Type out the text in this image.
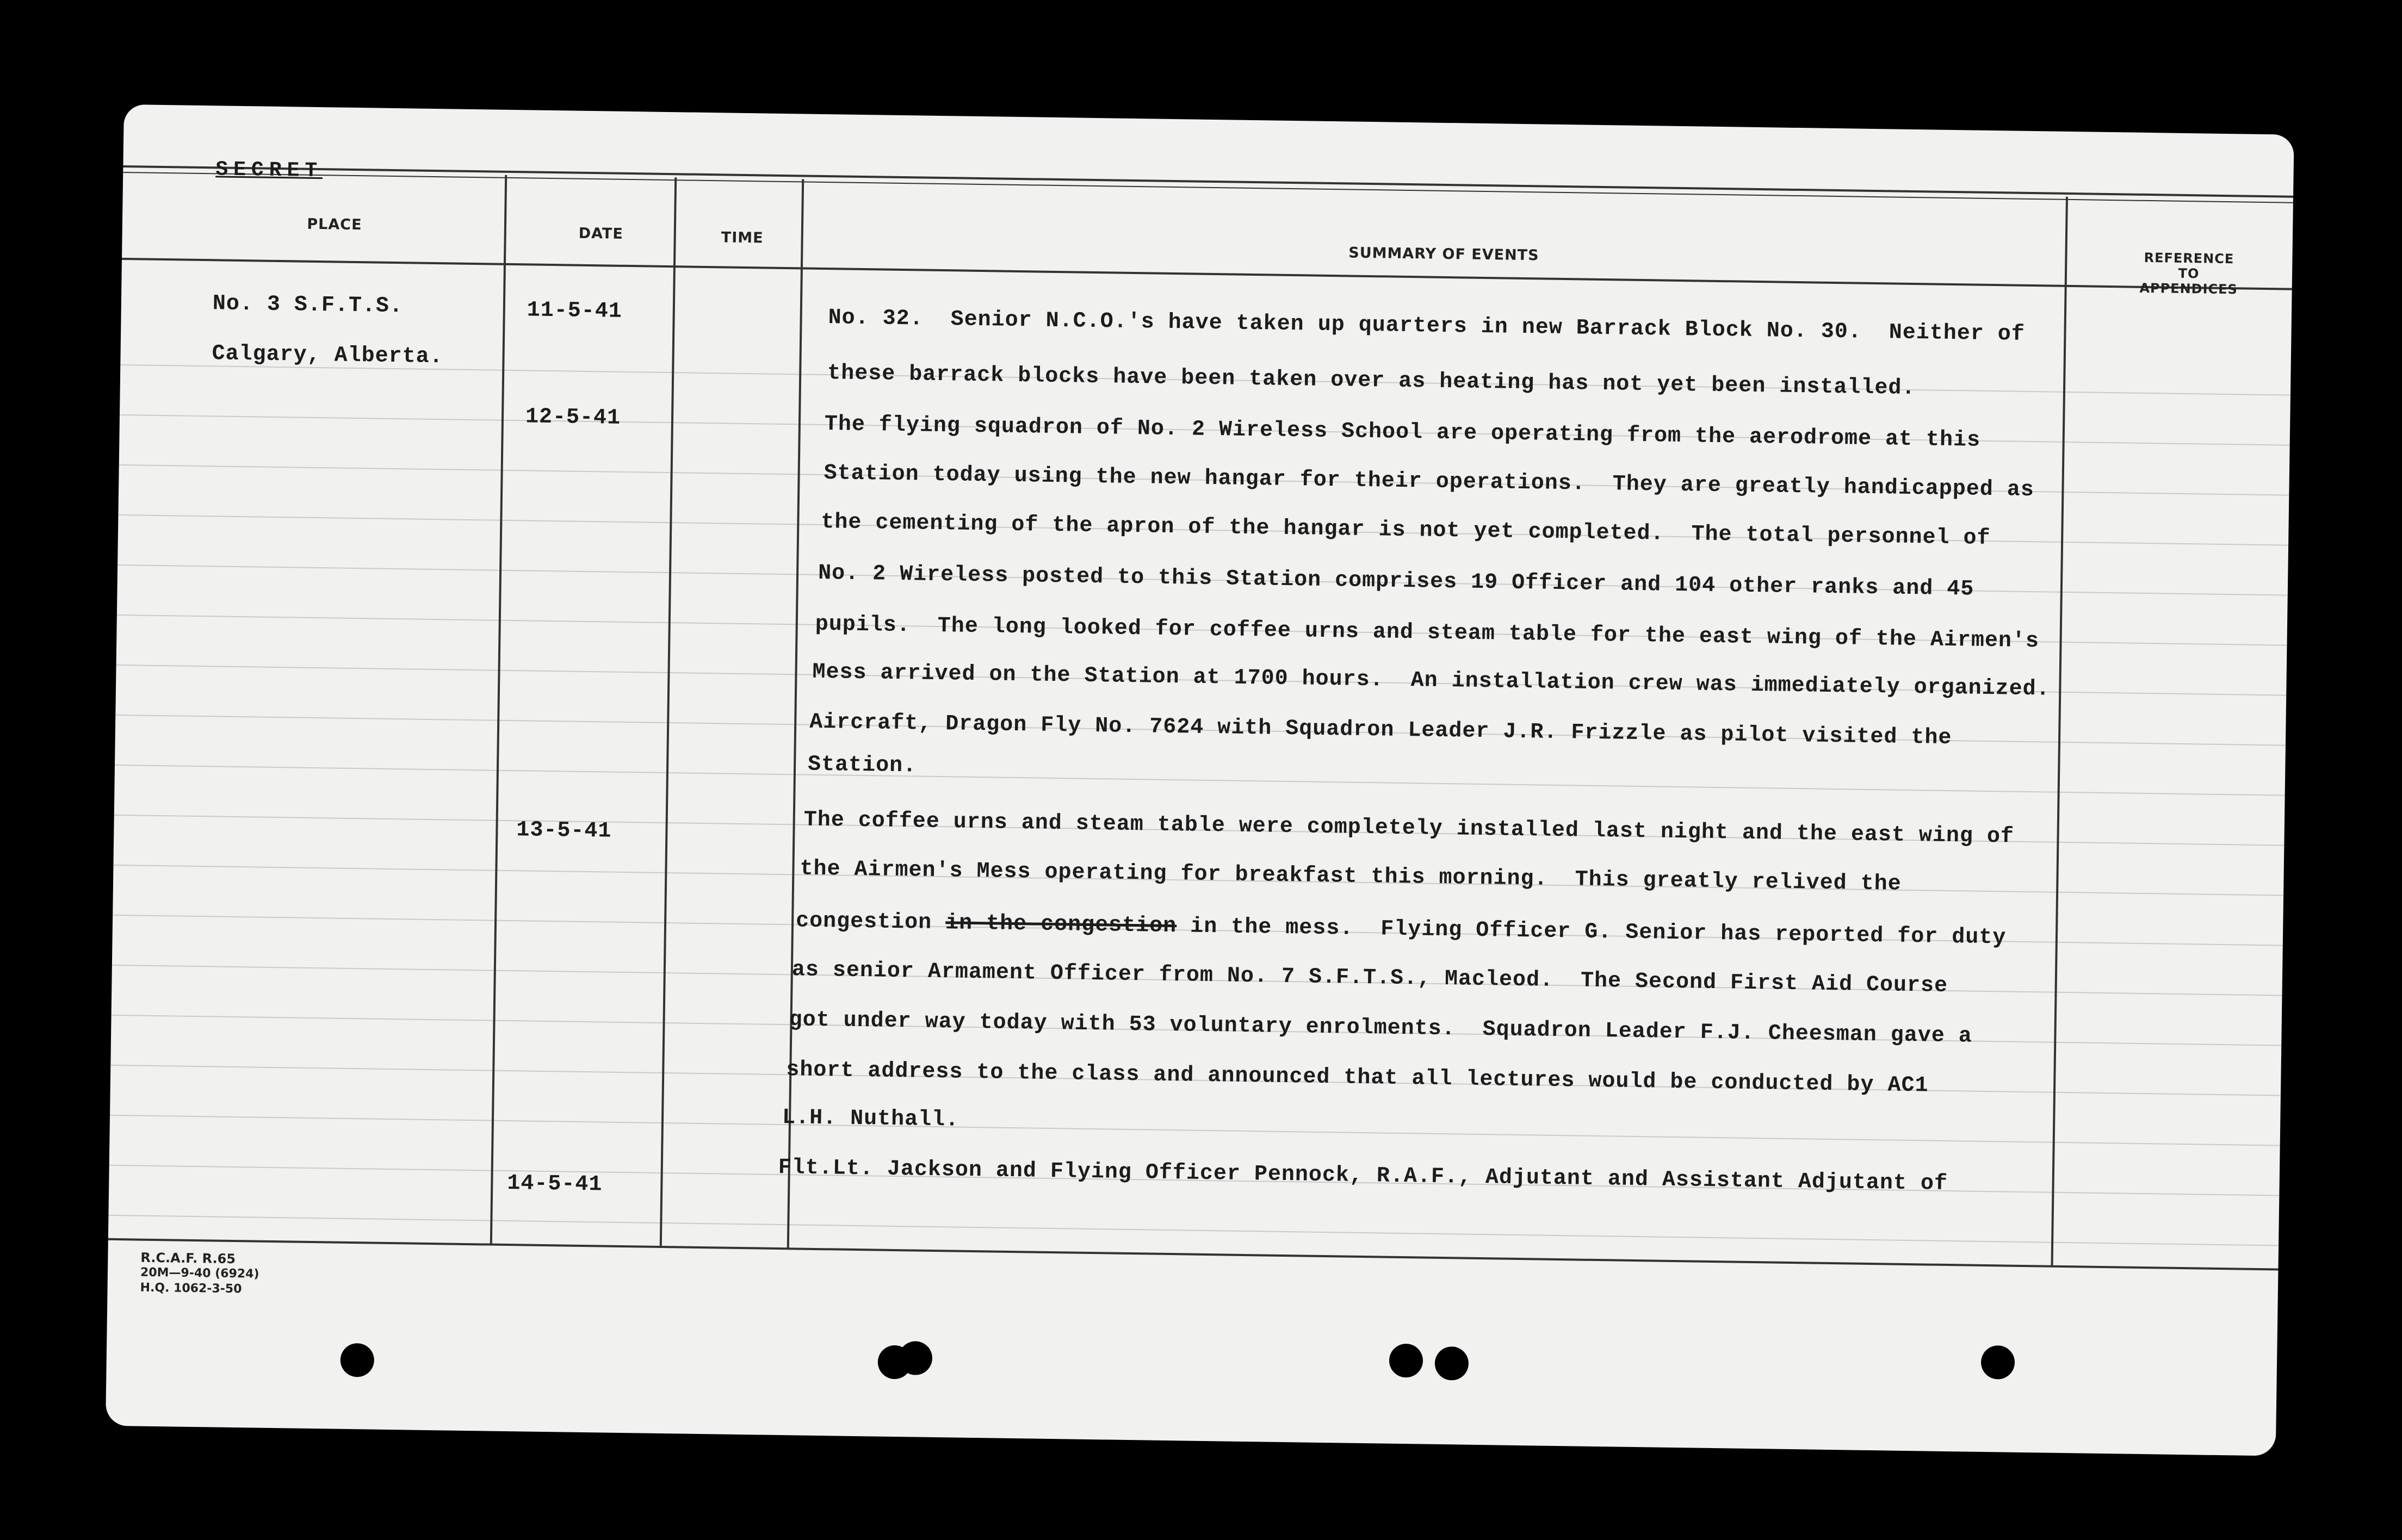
SECRET
PLACE
DATE	TIME
SUMMARY OF EVENTS	REFERENCE
TO
APPENDICES
No. 3 S.F.T.S.
Calgary, Alberta.
11-5-41
12-5-41
13-5-41
14-5-41
No. 32.  Senior N.C.O.'s have taken up quarters in new Barrack Block No. 30.  Neither of
these barrack blocks have been taken over as heating has not yet been installed.
The flying squadron of No. 2 Wireless School are operating from the aerodrome at this
Station today using the new hangar for their operations.  They are greatly handicapped as
the cementing of the apron of the hangar is not yet completed.  The total personnel of
No. 2 Wireless posted to this Station comprises 19 Officer and 104 other ranks and 45
pupils.  The long looked for coffee urns and steam table for the east wing of the Airmen's
Mess arrived on the Station at 1700 hours.  An installation crew was immediately organized.
Aircraft, Dragon Fly No. 7624 with Squadron Leader J.R. Frizzle as pilot visited the
Station.
The coffee urns and steam table were completely installed last night and the east wing of
the Airmen's Mess operating for breakfast this morning.  This greatly relived the
congestion in the congestion in the mess.  Flying Officer G. Senior has reported for duty
as senior Armament Officer from No. 7 S.F.T.S., Macleod.  The Second First Aid Course
got under way today with 53 voluntary enrolments.  Squadron Leader F.J. Cheesman gave a
short address to the class and announced that all lectures would be conducted by AC1
L.H. Nuthall.
Flt.Lt. Jackson and Flying Officer Pennock, R.A.F., Adjutant and Assistant Adjutant of
R.C.A.F. R.65
20M—9-40 (6924)
H.Q. 1062-3-50
